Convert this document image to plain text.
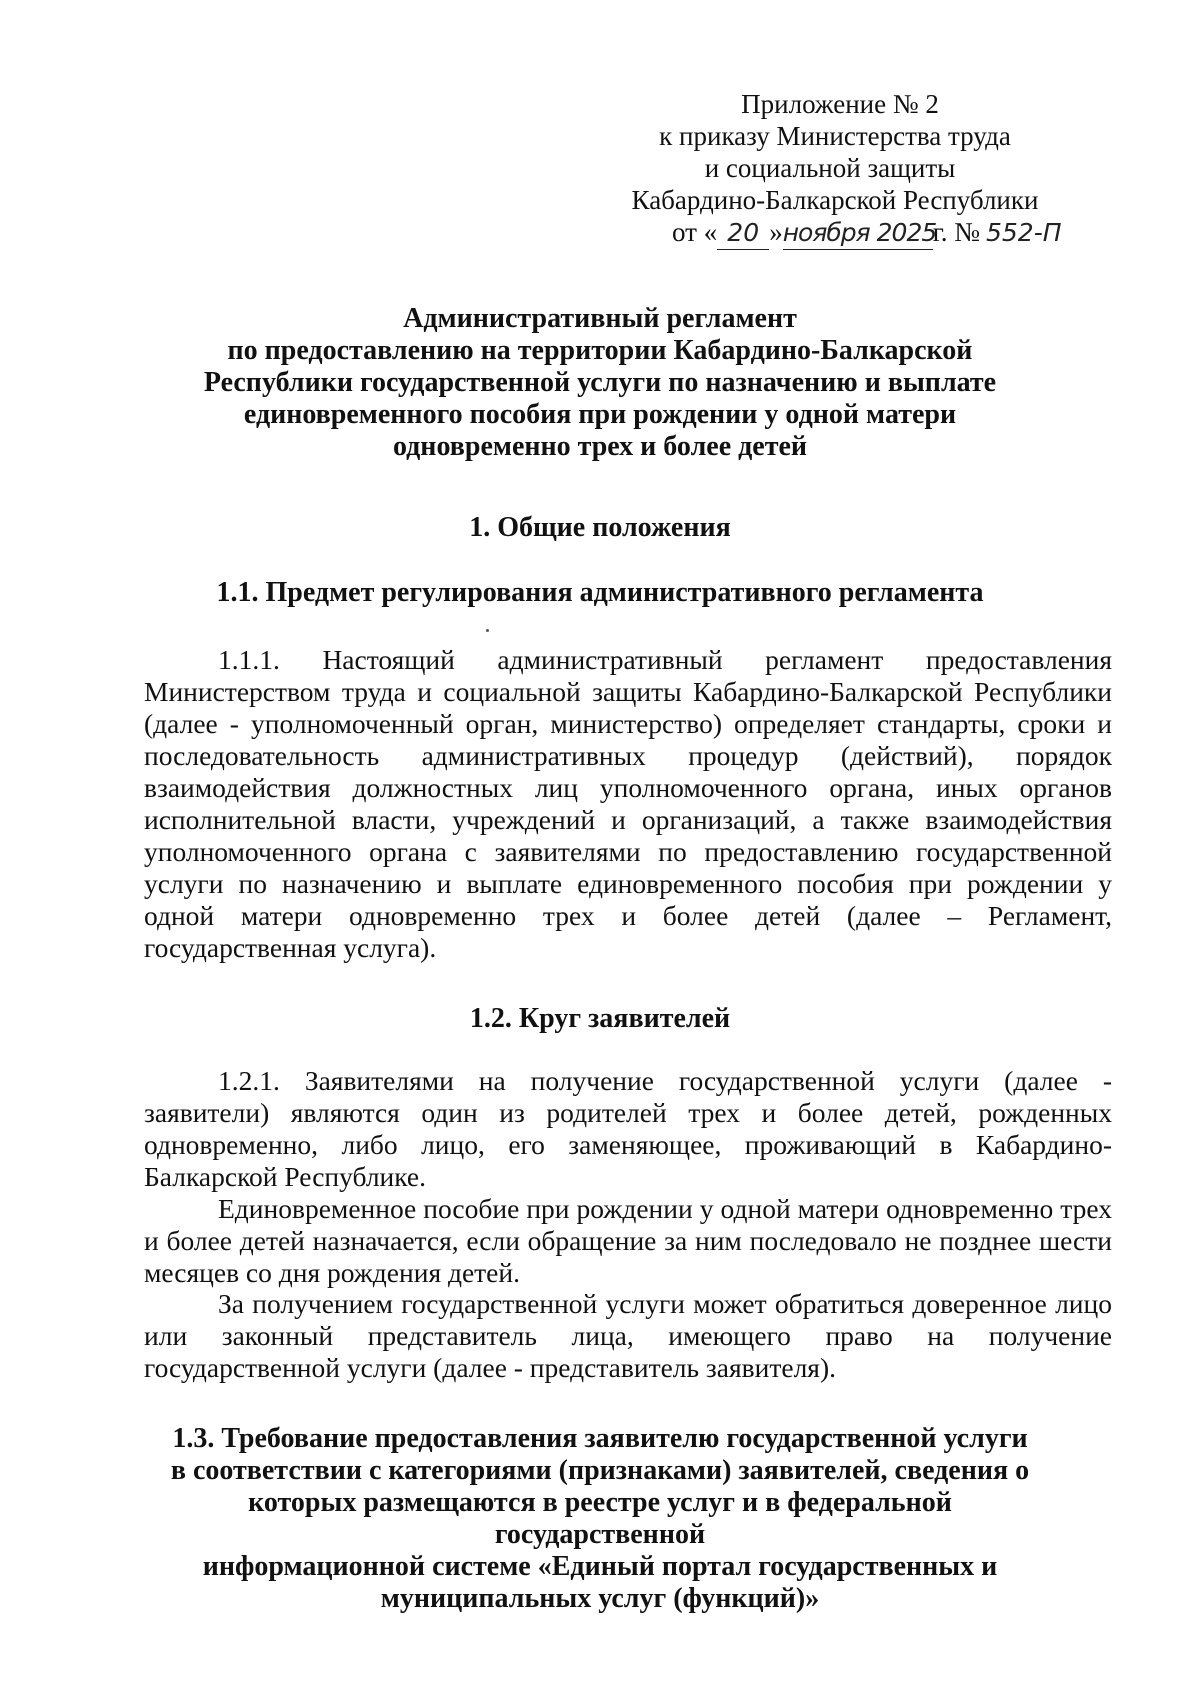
Приложение № 2
к приказу Министерства труда
и социальной защиты
Кабардино-Балкарской Республики
от « 20 »ноября 2025г. № 552-П
Административный регламент
по предоставлению на территории Кабардино-Балкарской
Республики государственной услуги по назначению и выплате
единовременного пособия при рождении у одной матери
одновременно трех и более детей
1. Общие положения
1.1. Предмет регулирования административного регламента
1.1.1. Настоящий административный регламент предоставления Министерством труда и социальной защиты Кабардино-Балкарской Республики (далее - уполномоченный орган, министерство) определяет стандарты, сроки и последовательность административных процедур (действий), порядок взаимодействия должностных лиц уполномоченного органа, иных органов исполнительной власти, учреждений и организаций, а также взаимодействия уполномоченного органа с заявителями по предоставлению государственной услуги по назначению и выплате единовременного пособия при рождении у одной матери одновременно трех и более детей (далее – Регламент, государственная услуга).
1.2. Круг заявителей
1.2.1. Заявителями на получение государственной услуги (далее - заявители) являются один из родителей трех и более детей, рожденных одновременно, либо лицо, его заменяющее, проживающий в Кабардино-Балкарской Республике.
Единовременное пособие при рождении у одной матери одновременно трех и более детей назначается, если обращение за ним последовало не позднее шести месяцев со дня рождения детей.
За получением государственной услуги может обратиться доверенное лицо или законный представитель лица, имеющего право на получение государственной услуги (далее - представитель заявителя).
1.3. Требование предоставления заявителю государственной услуги
в соответствии с категориями (признаками) заявителей, сведения о
которых размещаются в реестре услуг и в федеральной государственной
информационной системе «Единый портал государственных и
муниципальных услуг (функций)»
